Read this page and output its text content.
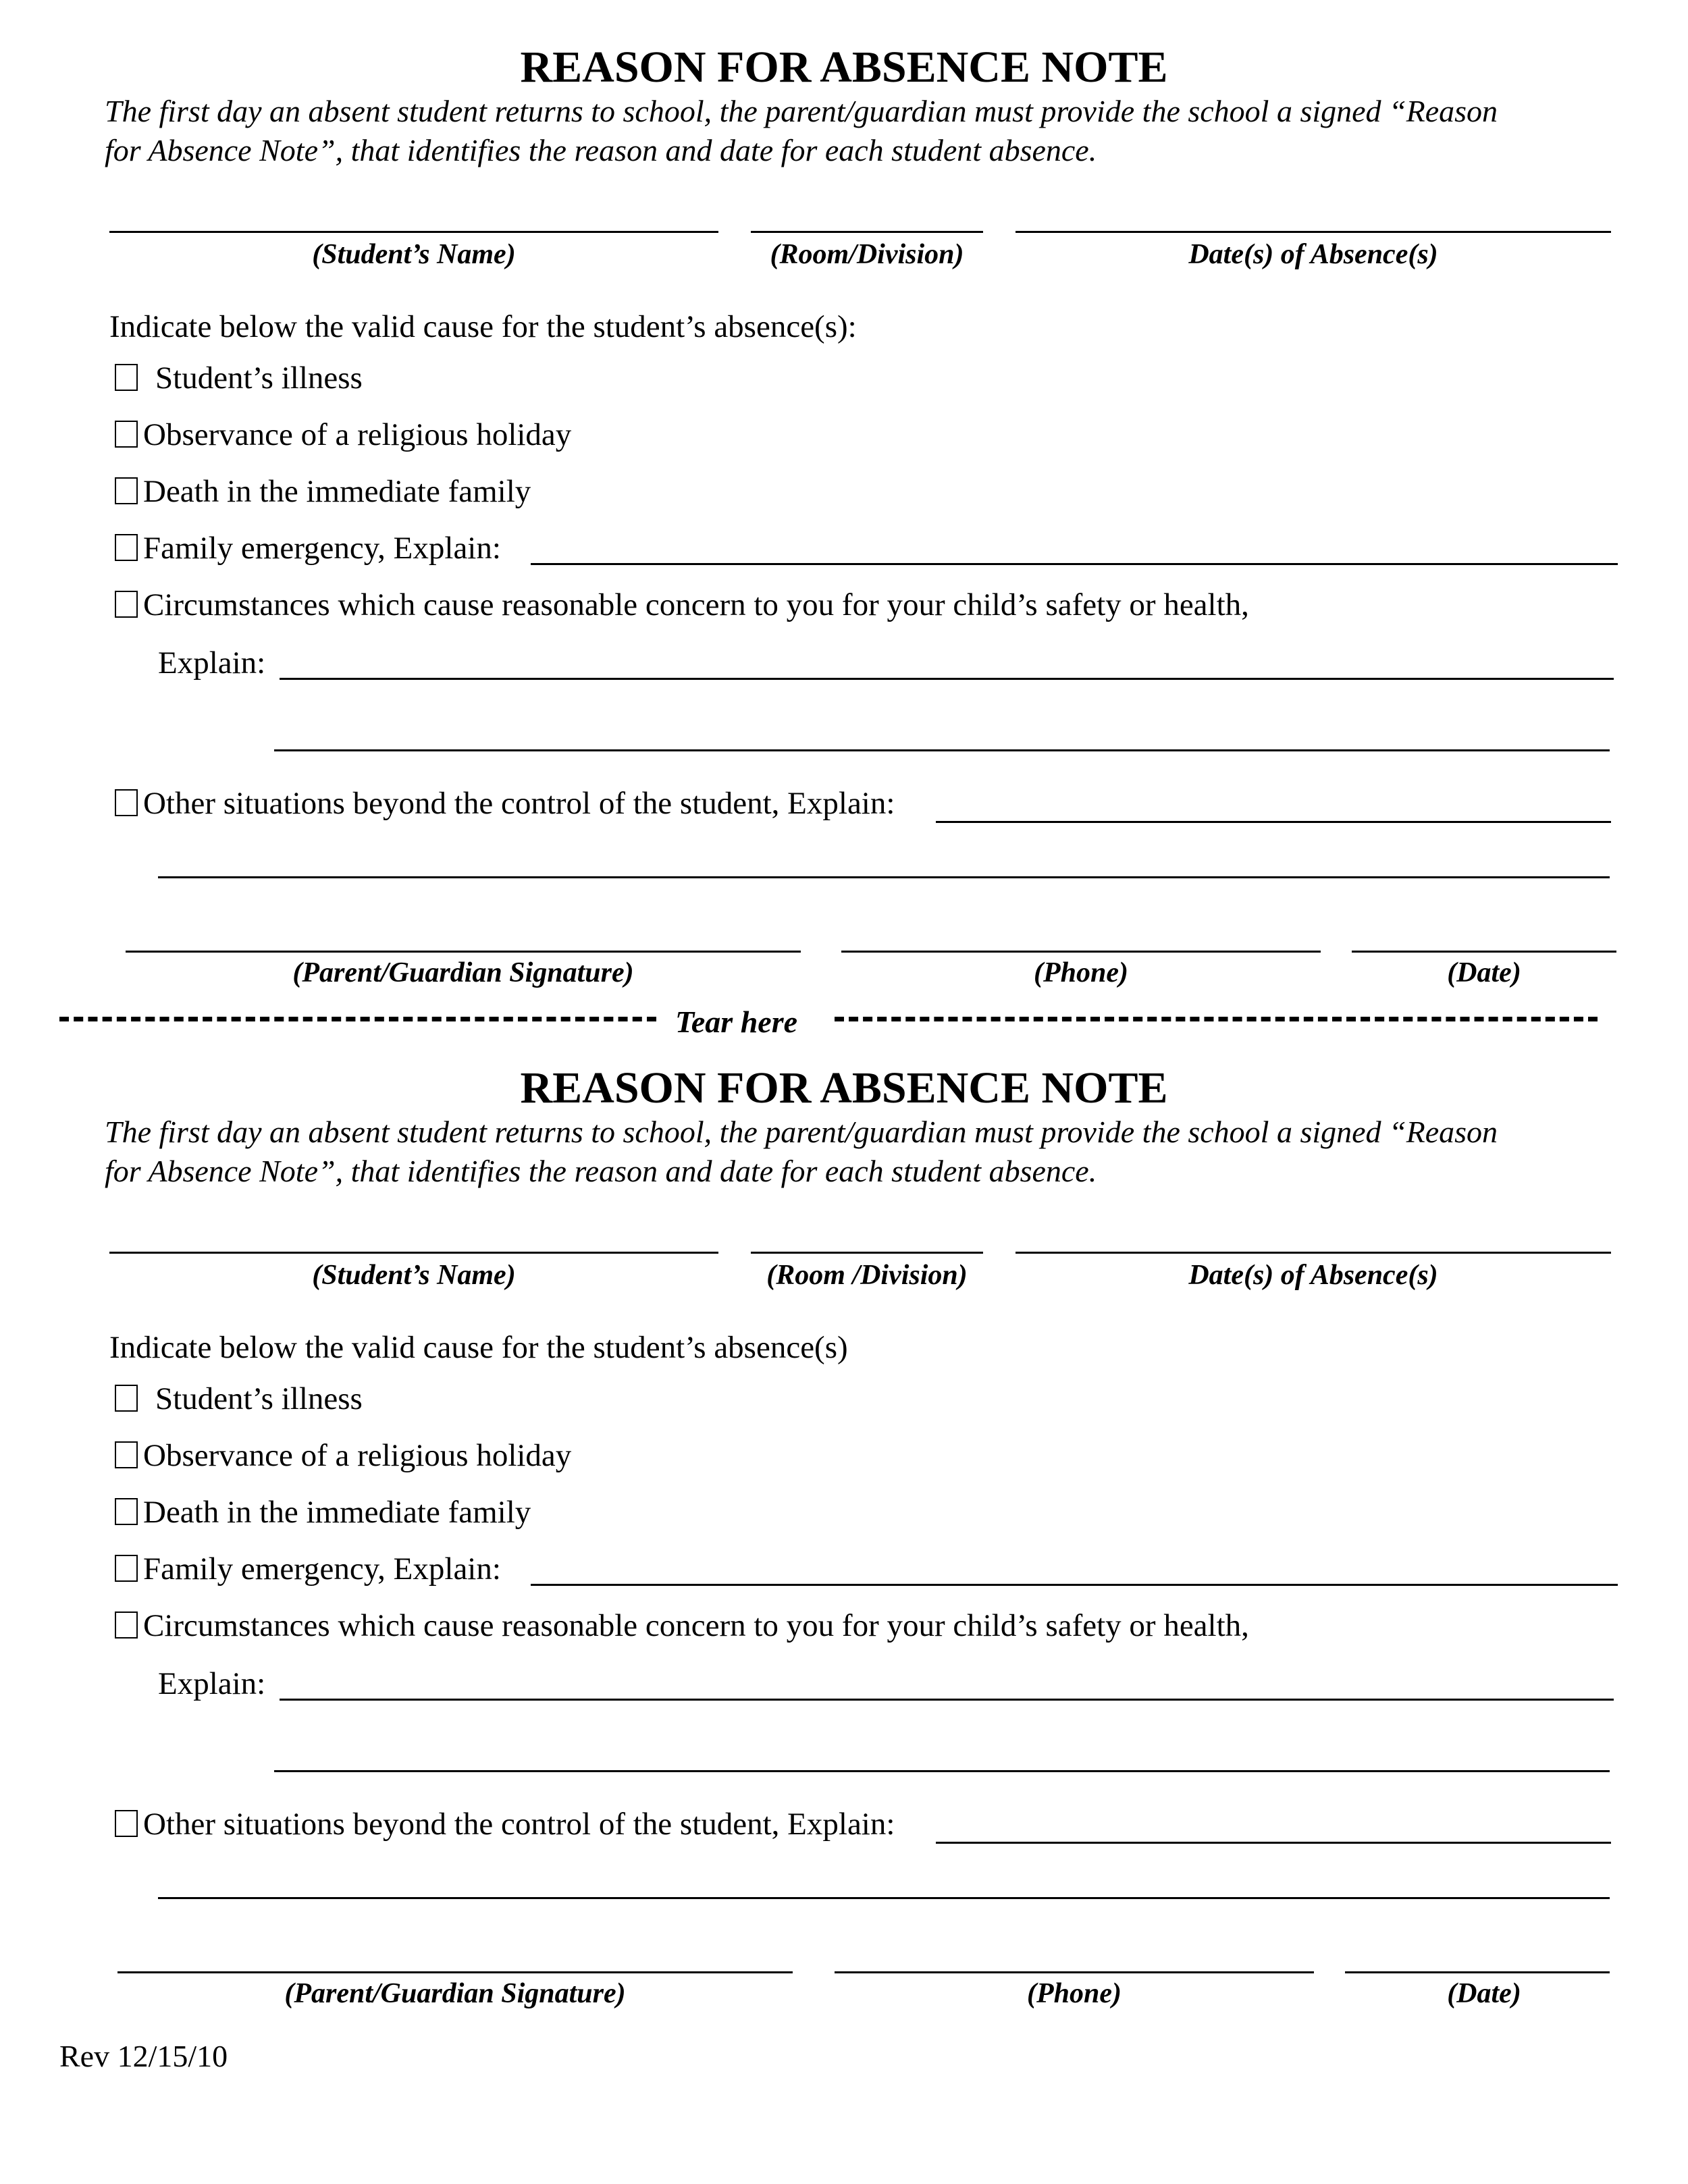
REASON FOR ABSENCE NOTE

The first day an absent student returns to school, the parent/guardian must provide the school a signed “Reason

for Absence Note”, that identifies the reason and date for each student absence.

(Student’s Name)	(Room/Division)	Date(s) of Absence(s)
Indicate below the valid cause for the student’s absence(s):
Student’s illness
Observance of a religious holiday
Death in the immediate family
Family emergency, Explain:
Circumstances which cause reasonable concern to you for your child’s safety or health,
Explain:
Other situations beyond the control of the student, Explain:
(Parent/Guardian Signature)	(Phone)	(Date)
Tear here
REASON FOR ABSENCE NOTE

The first day an absent student returns to school, the parent/guardian must provide the school a signed “Reason

for Absence Note”, that identifies the reason and date for each student absence.

(Student’s Name)	(Room /Division)	Date(s) of Absence(s)
Indicate below the valid cause for the student’s absence(s)
Student’s illness
Observance of a religious holiday
Death in the immediate family
Family emergency, Explain:
Circumstances which cause reasonable concern to you for your child’s safety or health,
Explain:
Other situations beyond the control of the student, Explain:
(Parent/Guardian Signature)	(Phone)	(Date)
Rev 12/15/10
